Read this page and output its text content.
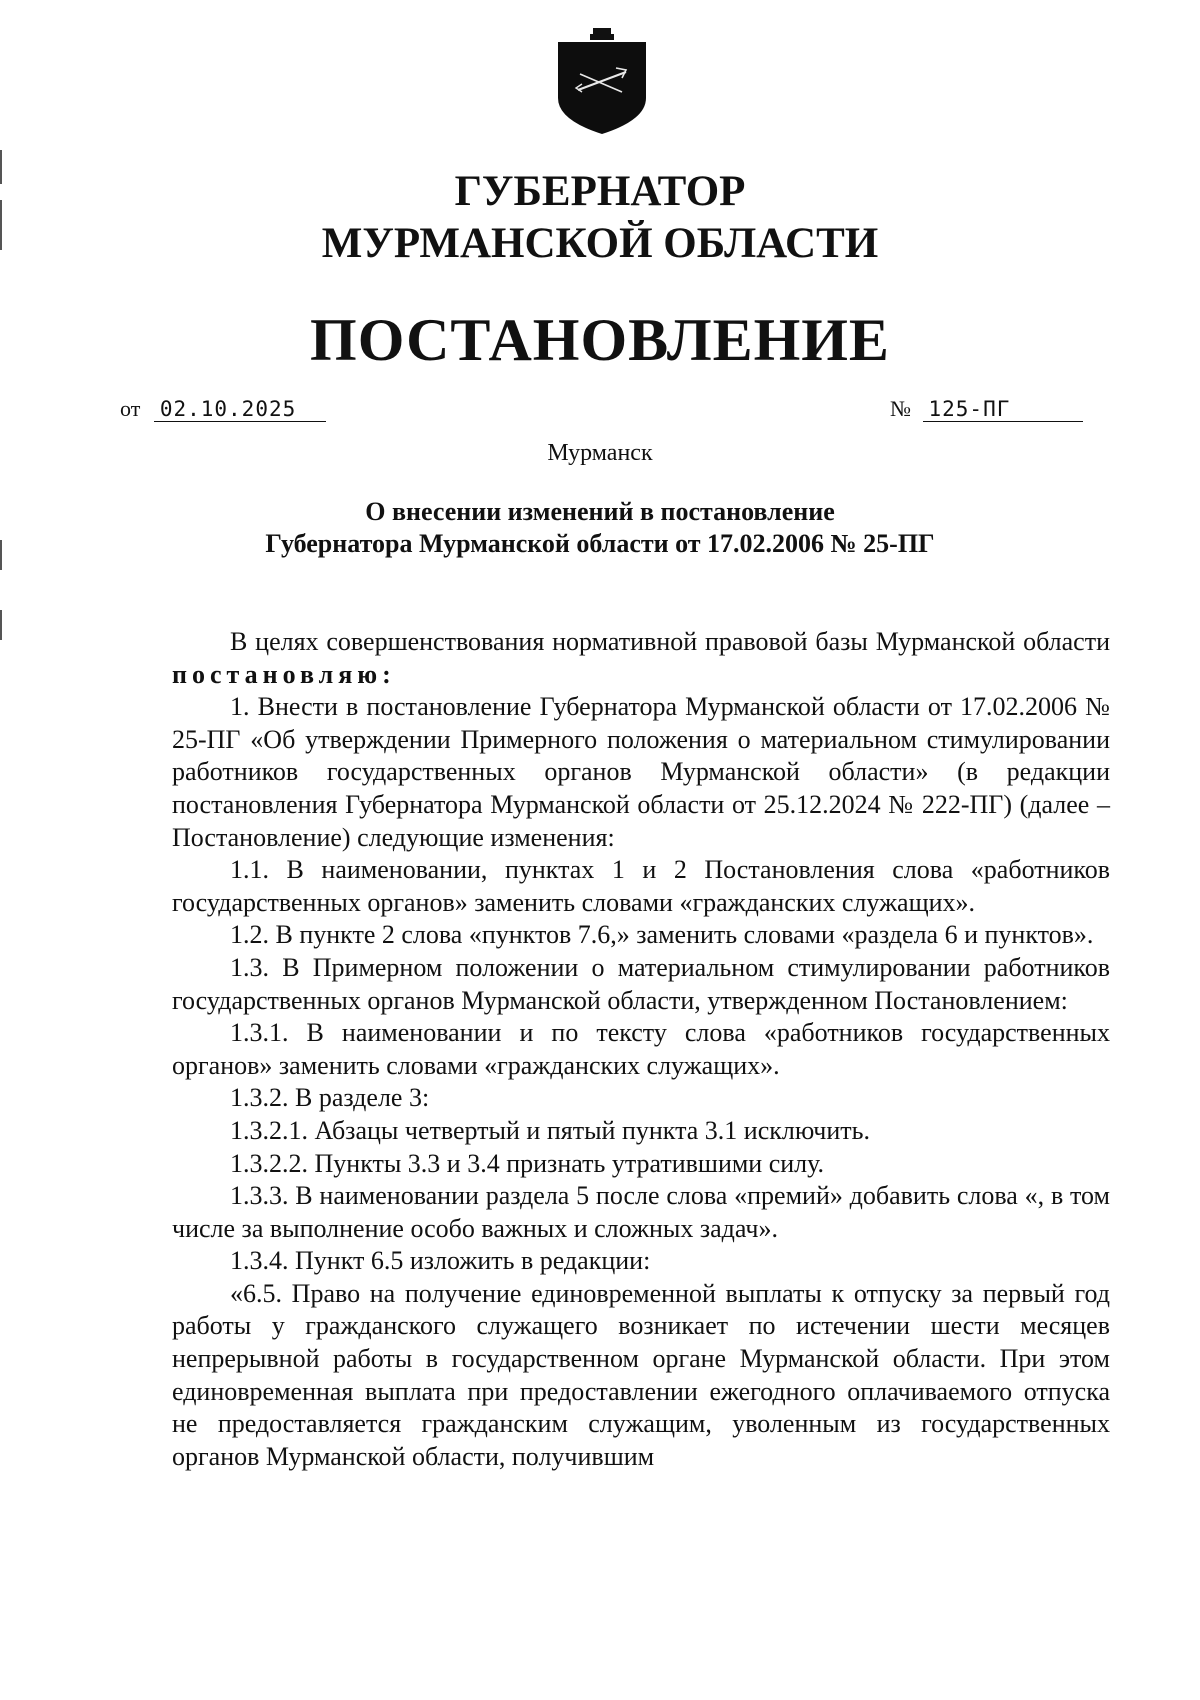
ГУБЕРНАТОР
МУРМАНСКОЙ ОБЛАСТИ
ПОСТАНОВЛЕНИЕ
от 02.10.2025	№ 125-ПГ
Мурманск
О внесении изменений в постановление
Губернатора Мурманской области от 17.02.2006 № 25-ПГ

В целях совершенствования нормативной правовой базы Мурманской области постановляю:

1. Внести в постановление Губернатора Мурманской области от 17.02.2006 № 25-ПГ «Об утверждении Примерного положения о материальном стимулировании работников государственных органов Мурманской области» (в редакции постановления Губернатора Мурманской области от 25.12.2024 № 222-ПГ) (далее – Постановление) следующие изменения:

1.1. В наименовании, пунктах 1 и 2 Постановления слова «работников государственных органов» заменить словами «гражданских служащих».

1.2. В пункте 2 слова «пунктов 7.6,» заменить словами «раздела 6 и пунктов».

1.3. В Примерном положении о материальном стимулировании работников государственных органов Мурманской области, утвержденном Постановлением:

1.3.1. В наименовании и по тексту слова «работников государственных органов» заменить словами «гражданских служащих».

1.3.2. В разделе 3:

1.3.2.1. Абзацы четвертый и пятый пункта 3.1 исключить.

1.3.2.2. Пункты 3.3 и 3.4 признать утратившими силу.

1.3.3. В наименовании раздела 5 после слова «премий» добавить слова «, в том числе за выполнение особо важных и сложных задач».

1.3.4. Пункт 6.5 изложить в редакции:

«6.5. Право на получение единовременной выплаты к отпуску за первый год работы у гражданского служащего возникает по истечении шести месяцев непрерывной работы в государственном органе Мурманской области. При этом единовременная выплата при предоставлении ежегодного оплачиваемого отпуска не предоставляется гражданским служащим, уволенным из государственных органов Мурманской области, получившим
